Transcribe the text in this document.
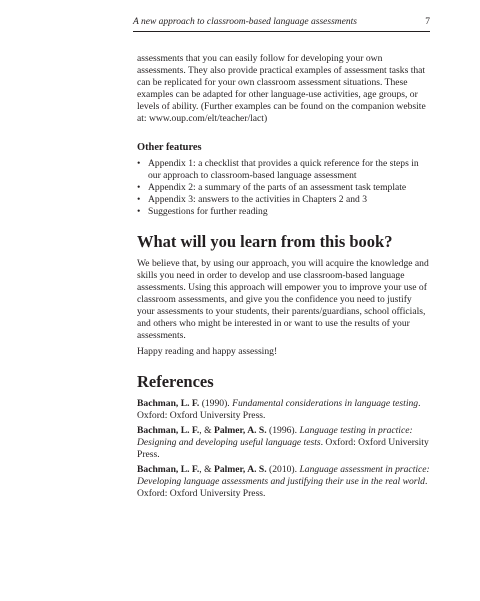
A new approach to classroom-based language assessments	7

assessments that you can easily follow for developing your own assessments. They also provide practical examples of assessment tasks that can be replicated for your own classroom assessment situations. These examples can be adapted for other language-use activities, age groups, or levels of ability. (Further examples can be found on the companion website at: www.oup.com/elt/teacher/lact)

Other features
• Appendix 1: a checklist that provides a quick reference for the steps in our approach to classroom-based language assessment
• Appendix 2: a summary of the parts of an assessment task template
• Appendix 3: answers to the activities in Chapters 2 and 3
• Suggestions for further reading
What will you learn from this book?

We believe that, by using our approach, you will acquire the knowledge and skills you need in order to develop and use classroom-based language assessments. Using this approach will empower you to improve your use of classroom assessments, and give you the confidence you need to justify your assessments to your students, their parents/guardians, school officials, and others who might be interested in or want to use the results of your assessments.

Happy reading and happy assessing!

References

Bachman, L. F. (1990). Fundamental considerations in language testing. Oxford: Oxford University Press.

Bachman, L. F., & Palmer, A. S. (1996). Language testing in practice: Designing and developing useful language tests. Oxford: Oxford University Press.

Bachman, L. F., & Palmer, A. S. (2010). Language assessment in practice: Developing language assessments and justifying their use in the real world. Oxford: Oxford University Press.
